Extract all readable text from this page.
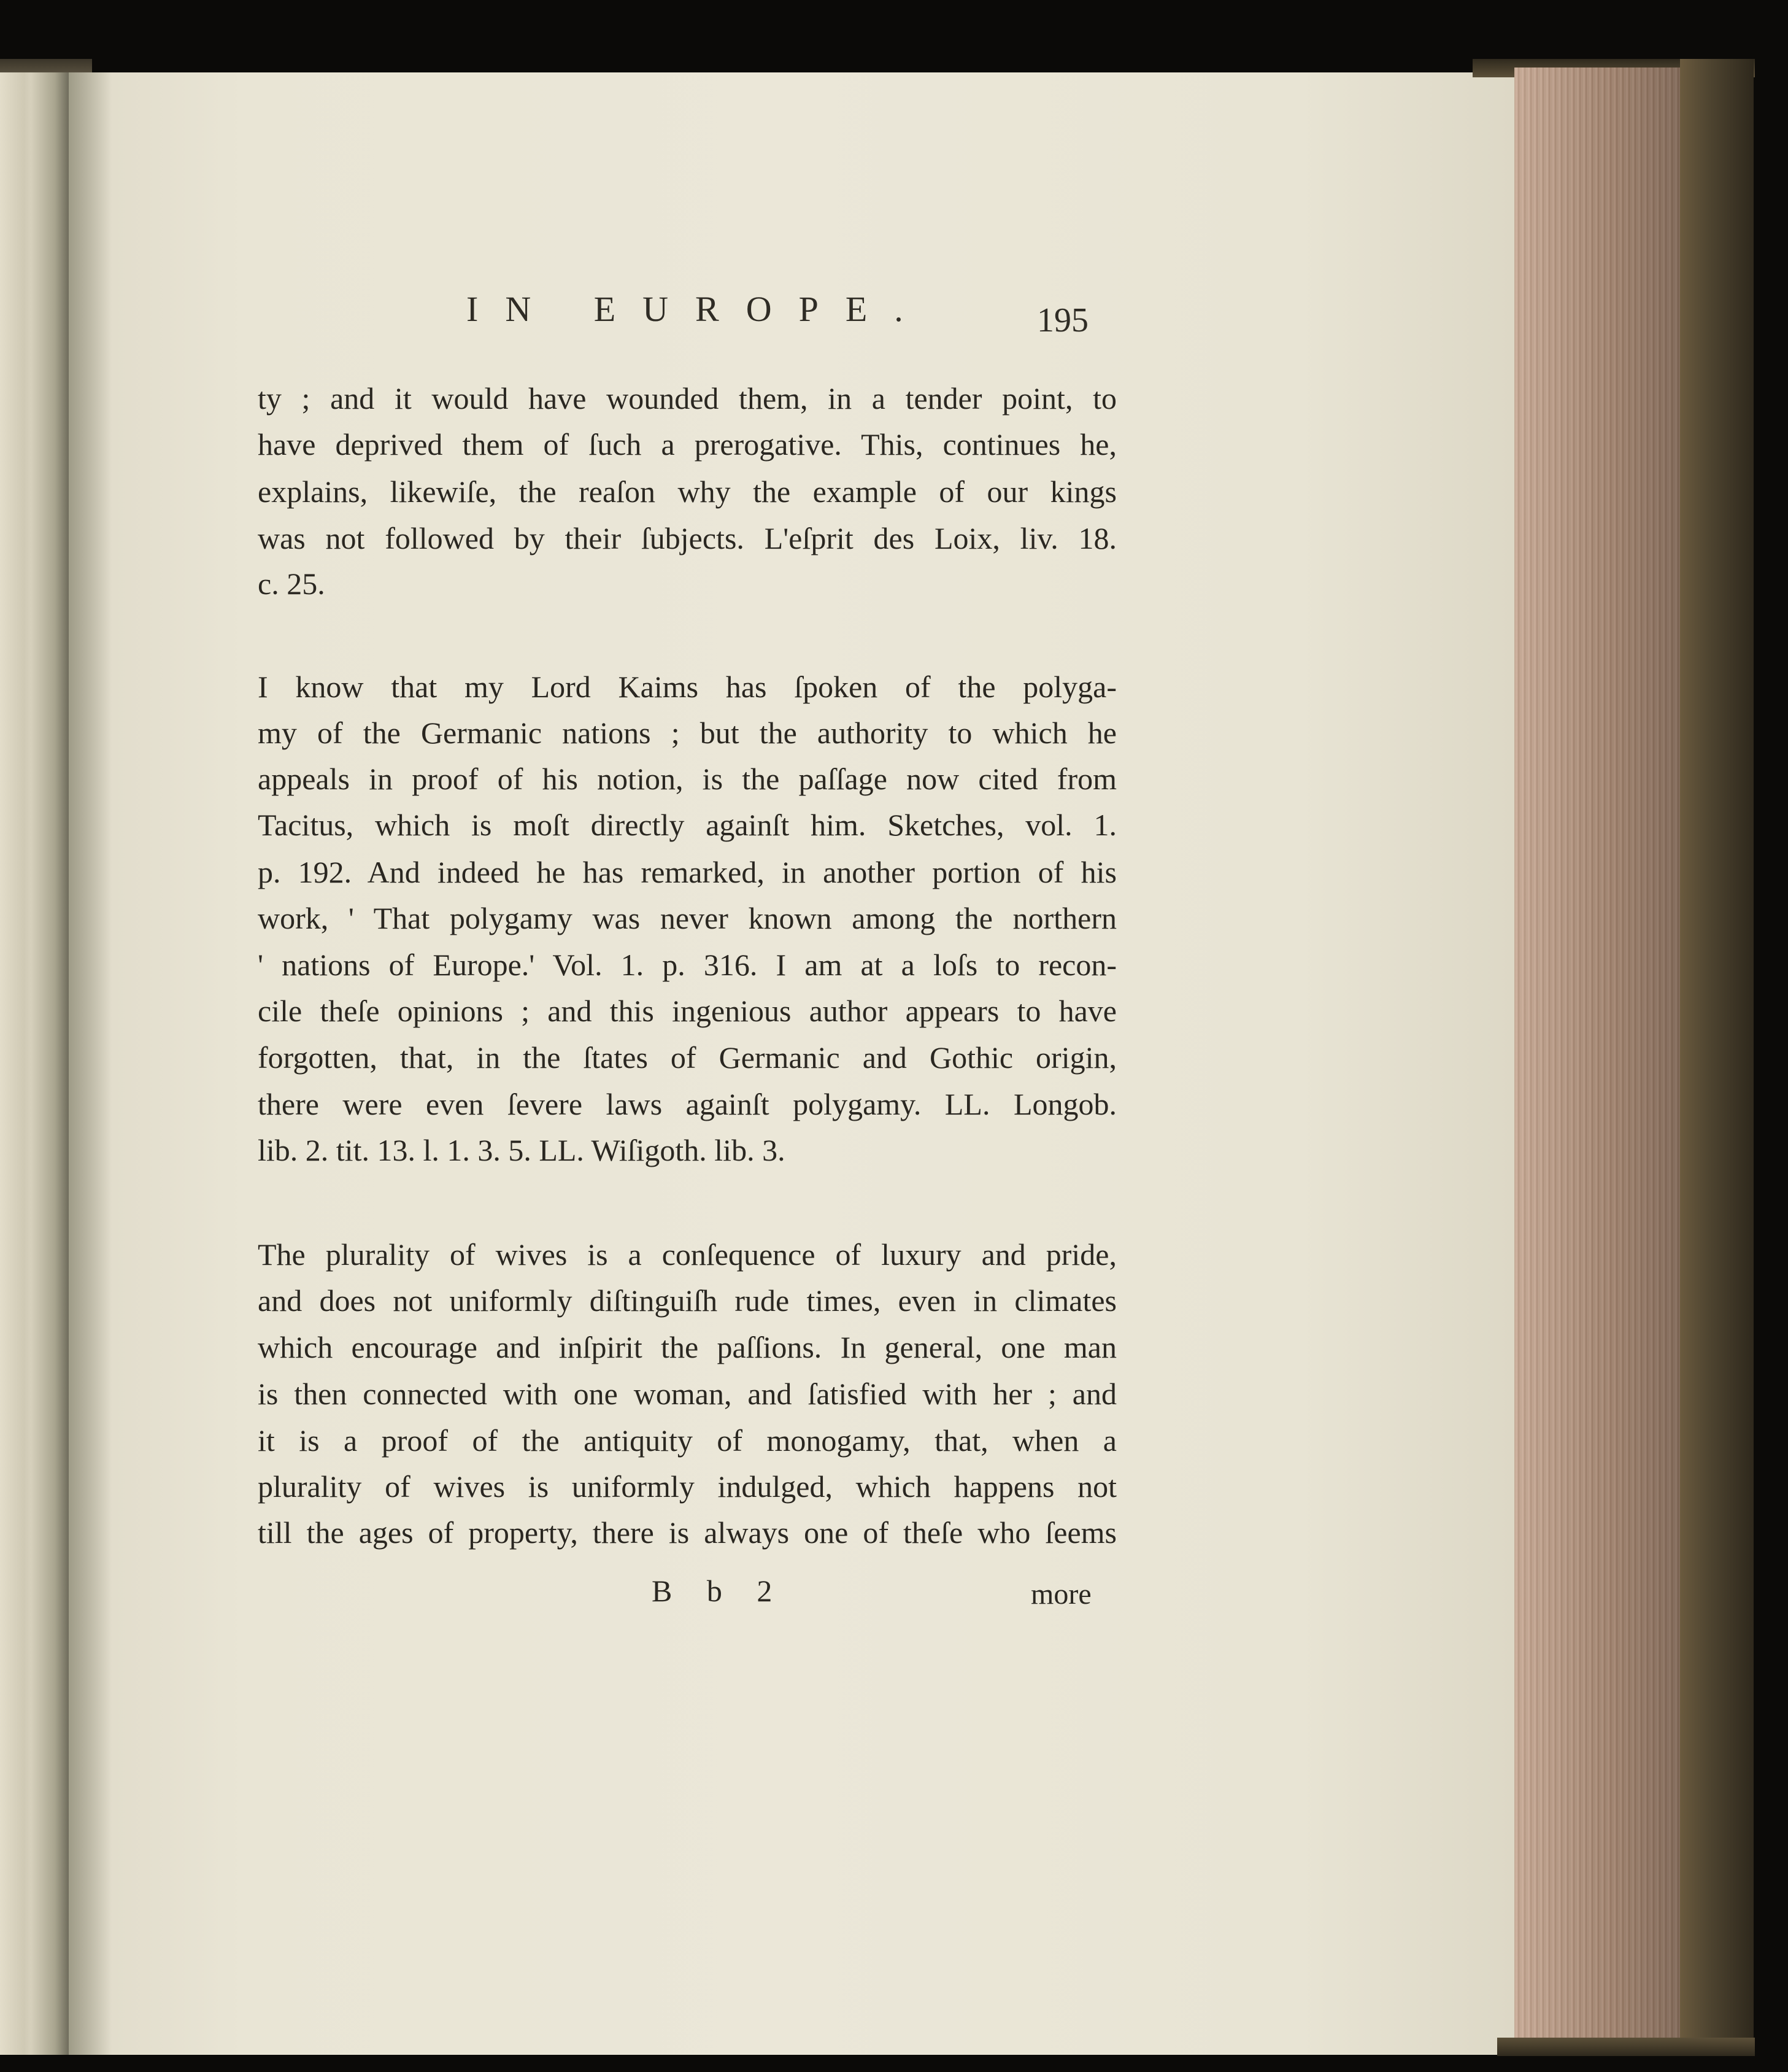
IN EUROPE.	195
ty ; and it would have wounded them, in a tender point, to
have deprived them of ſuch a prerogative. This, continues he,
explains, likewiſe, the reaſon why the example of our kings
was not followed by their ſubjects. L'eſprit des Loix, liv. 18.
c. 25.
I know that my Lord Kaims has ſpoken of the polyga-
my of the Germanic nations ; but the authority to which he
appeals in proof of his notion, is the paſſage now cited from
Tacitus, which is moſt directly againſt him. Sketches, vol. 1.
p. 192. And indeed he has remarked, in another portion of his
work, ' That polygamy was never known among the northern
' nations of Europe.' Vol. 1. p. 316. I am at a loſs to recon-
cile theſe opinions ; and this ingenious author appears to have
forgotten, that, in the ſtates of Germanic and Gothic origin,
there were even ſevere laws againſt polygamy. LL. Longob.
lib. 2. tit. 13. l. 1. 3. 5. LL. Wiſigoth. lib. 3.
The plurality of wives is a conſequence of luxury and pride,
and does not uniformly diſtinguiſh rude times, even in climates
which encourage and inſpirit the paſſions. In general, one man
is then connected with one woman, and ſatisfied with her ; and
it is a proof of the antiquity of monogamy, that, when a
plurality of wives is uniformly indulged, which happens not
till the ages of property, there is always one of theſe who ſeems
B b 2	more
